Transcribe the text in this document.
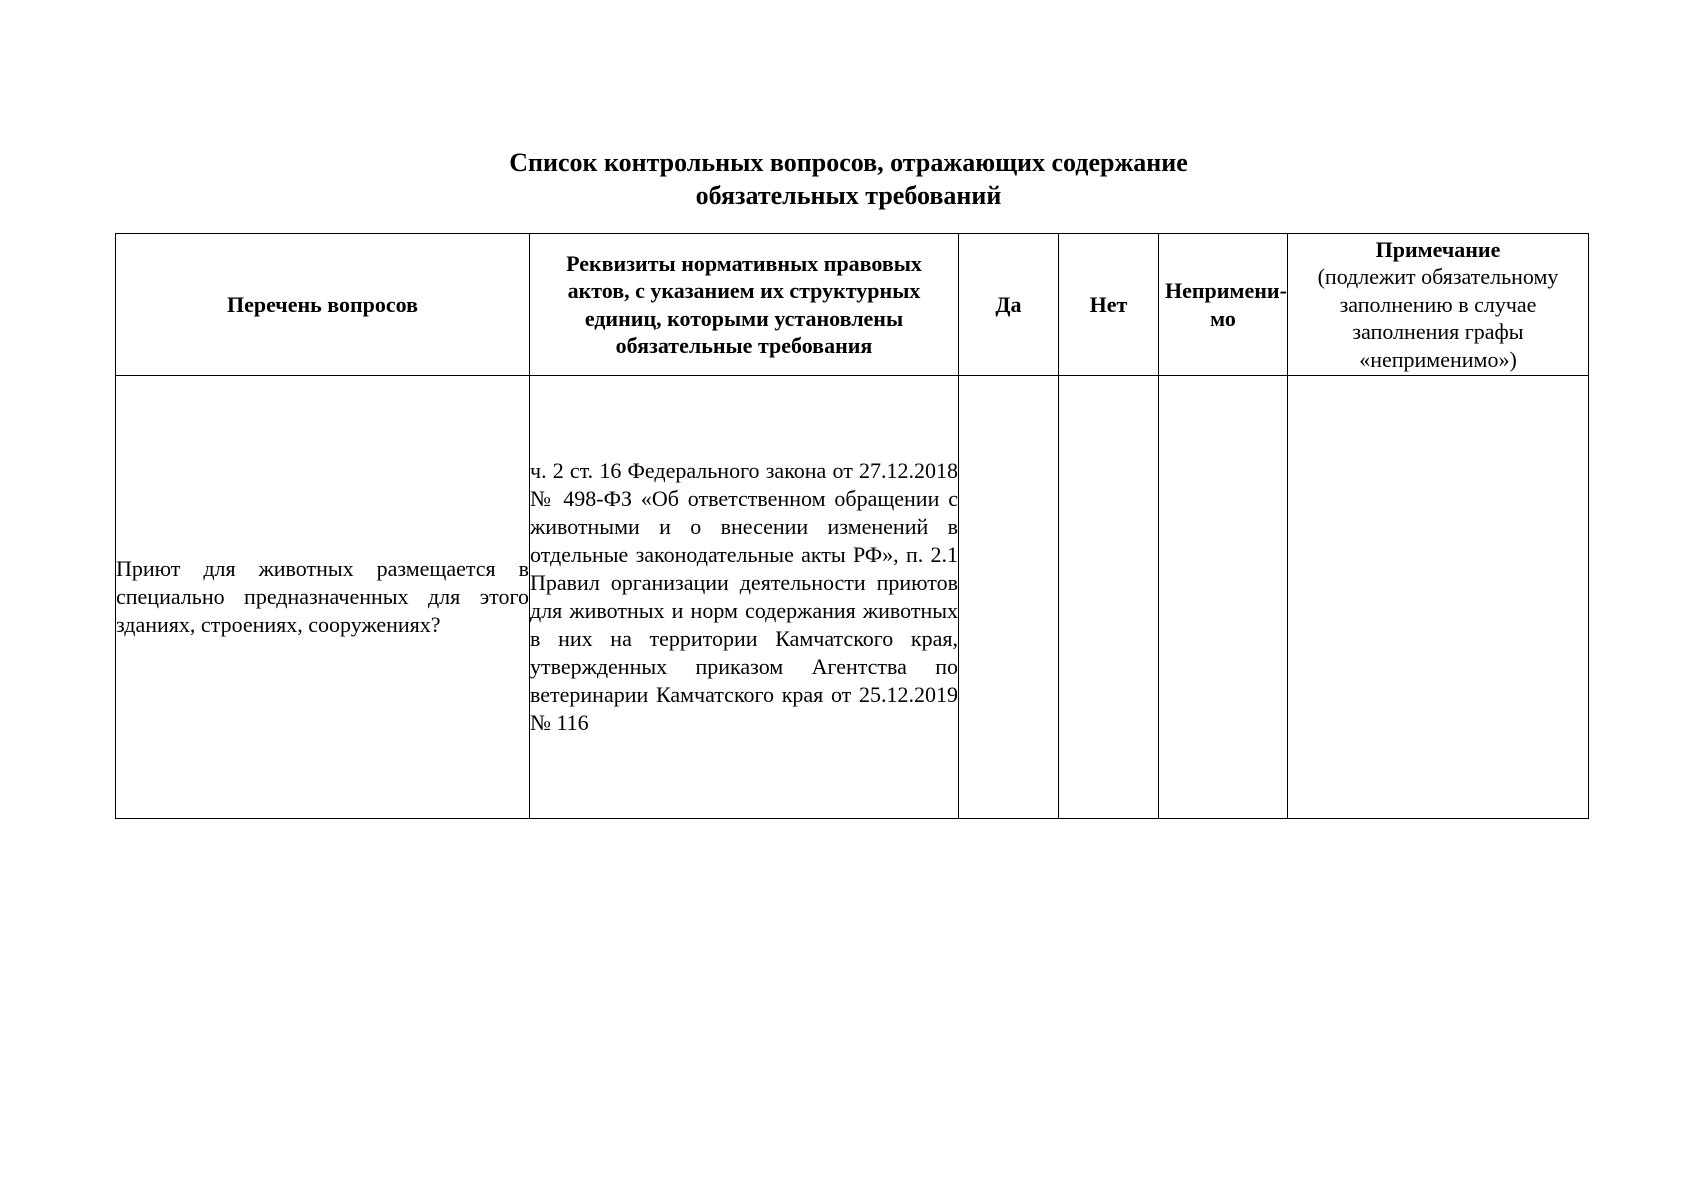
Список контрольных вопросов, отражающих содержание
обязательных требований
Перечень вопросов	Реквизиты нормативных правовых актов, с указанием их структурных единиц, которыми установлены обязательные требования	Да	Нет	Неприменимо	Примечание
(подлежит обязательному заполнению в случае заполнения графы «неприменимо»)

Приют для животных размещается в специально предназначенных для этого зданиях, строениях, сооружениях?	ч. 2 ст. 16 Федерального закона от 27.12.2018 № 498-ФЗ «Об ответственном обращении с животными и о внесении изменений в отдельные законодательные акты РФ», п. 2.1 Правил организации деятельности приютов для животных и норм содержания животных в них на территории Камчатского края, утвержденных приказом Агентства по ветеринарии Камчатского края от 25.12.2019 № 116				
